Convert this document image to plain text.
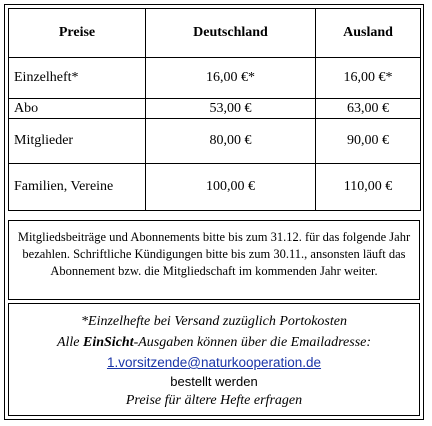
Preise	Deutschland	Ausland
Einzelheft*	16,00 €*	16,00 €*
Abo	53,00 €	63,00 €
Mitglieder	80,00 €	90,00 €
Familien, Vereine	100,00 €	110,00 €
Mitgliedsbeiträge und Abonnements bitte bis zum 31.12. für das folgende Jahr bezahlen. Schriftliche Kündigungen bitte bis zum 30.11., ansonsten läuft das Abonnement bzw. die Mitgliedschaft im kommenden Jahr weiter.
*Einzelhefte bei Versand zuzüglich Portokosten
Alle EinSicht-Ausgaben können über die Emailadresse:
1.vorsitzende@naturkooperation.de
bestellt werden
Preise für ältere Hefte erfragen
